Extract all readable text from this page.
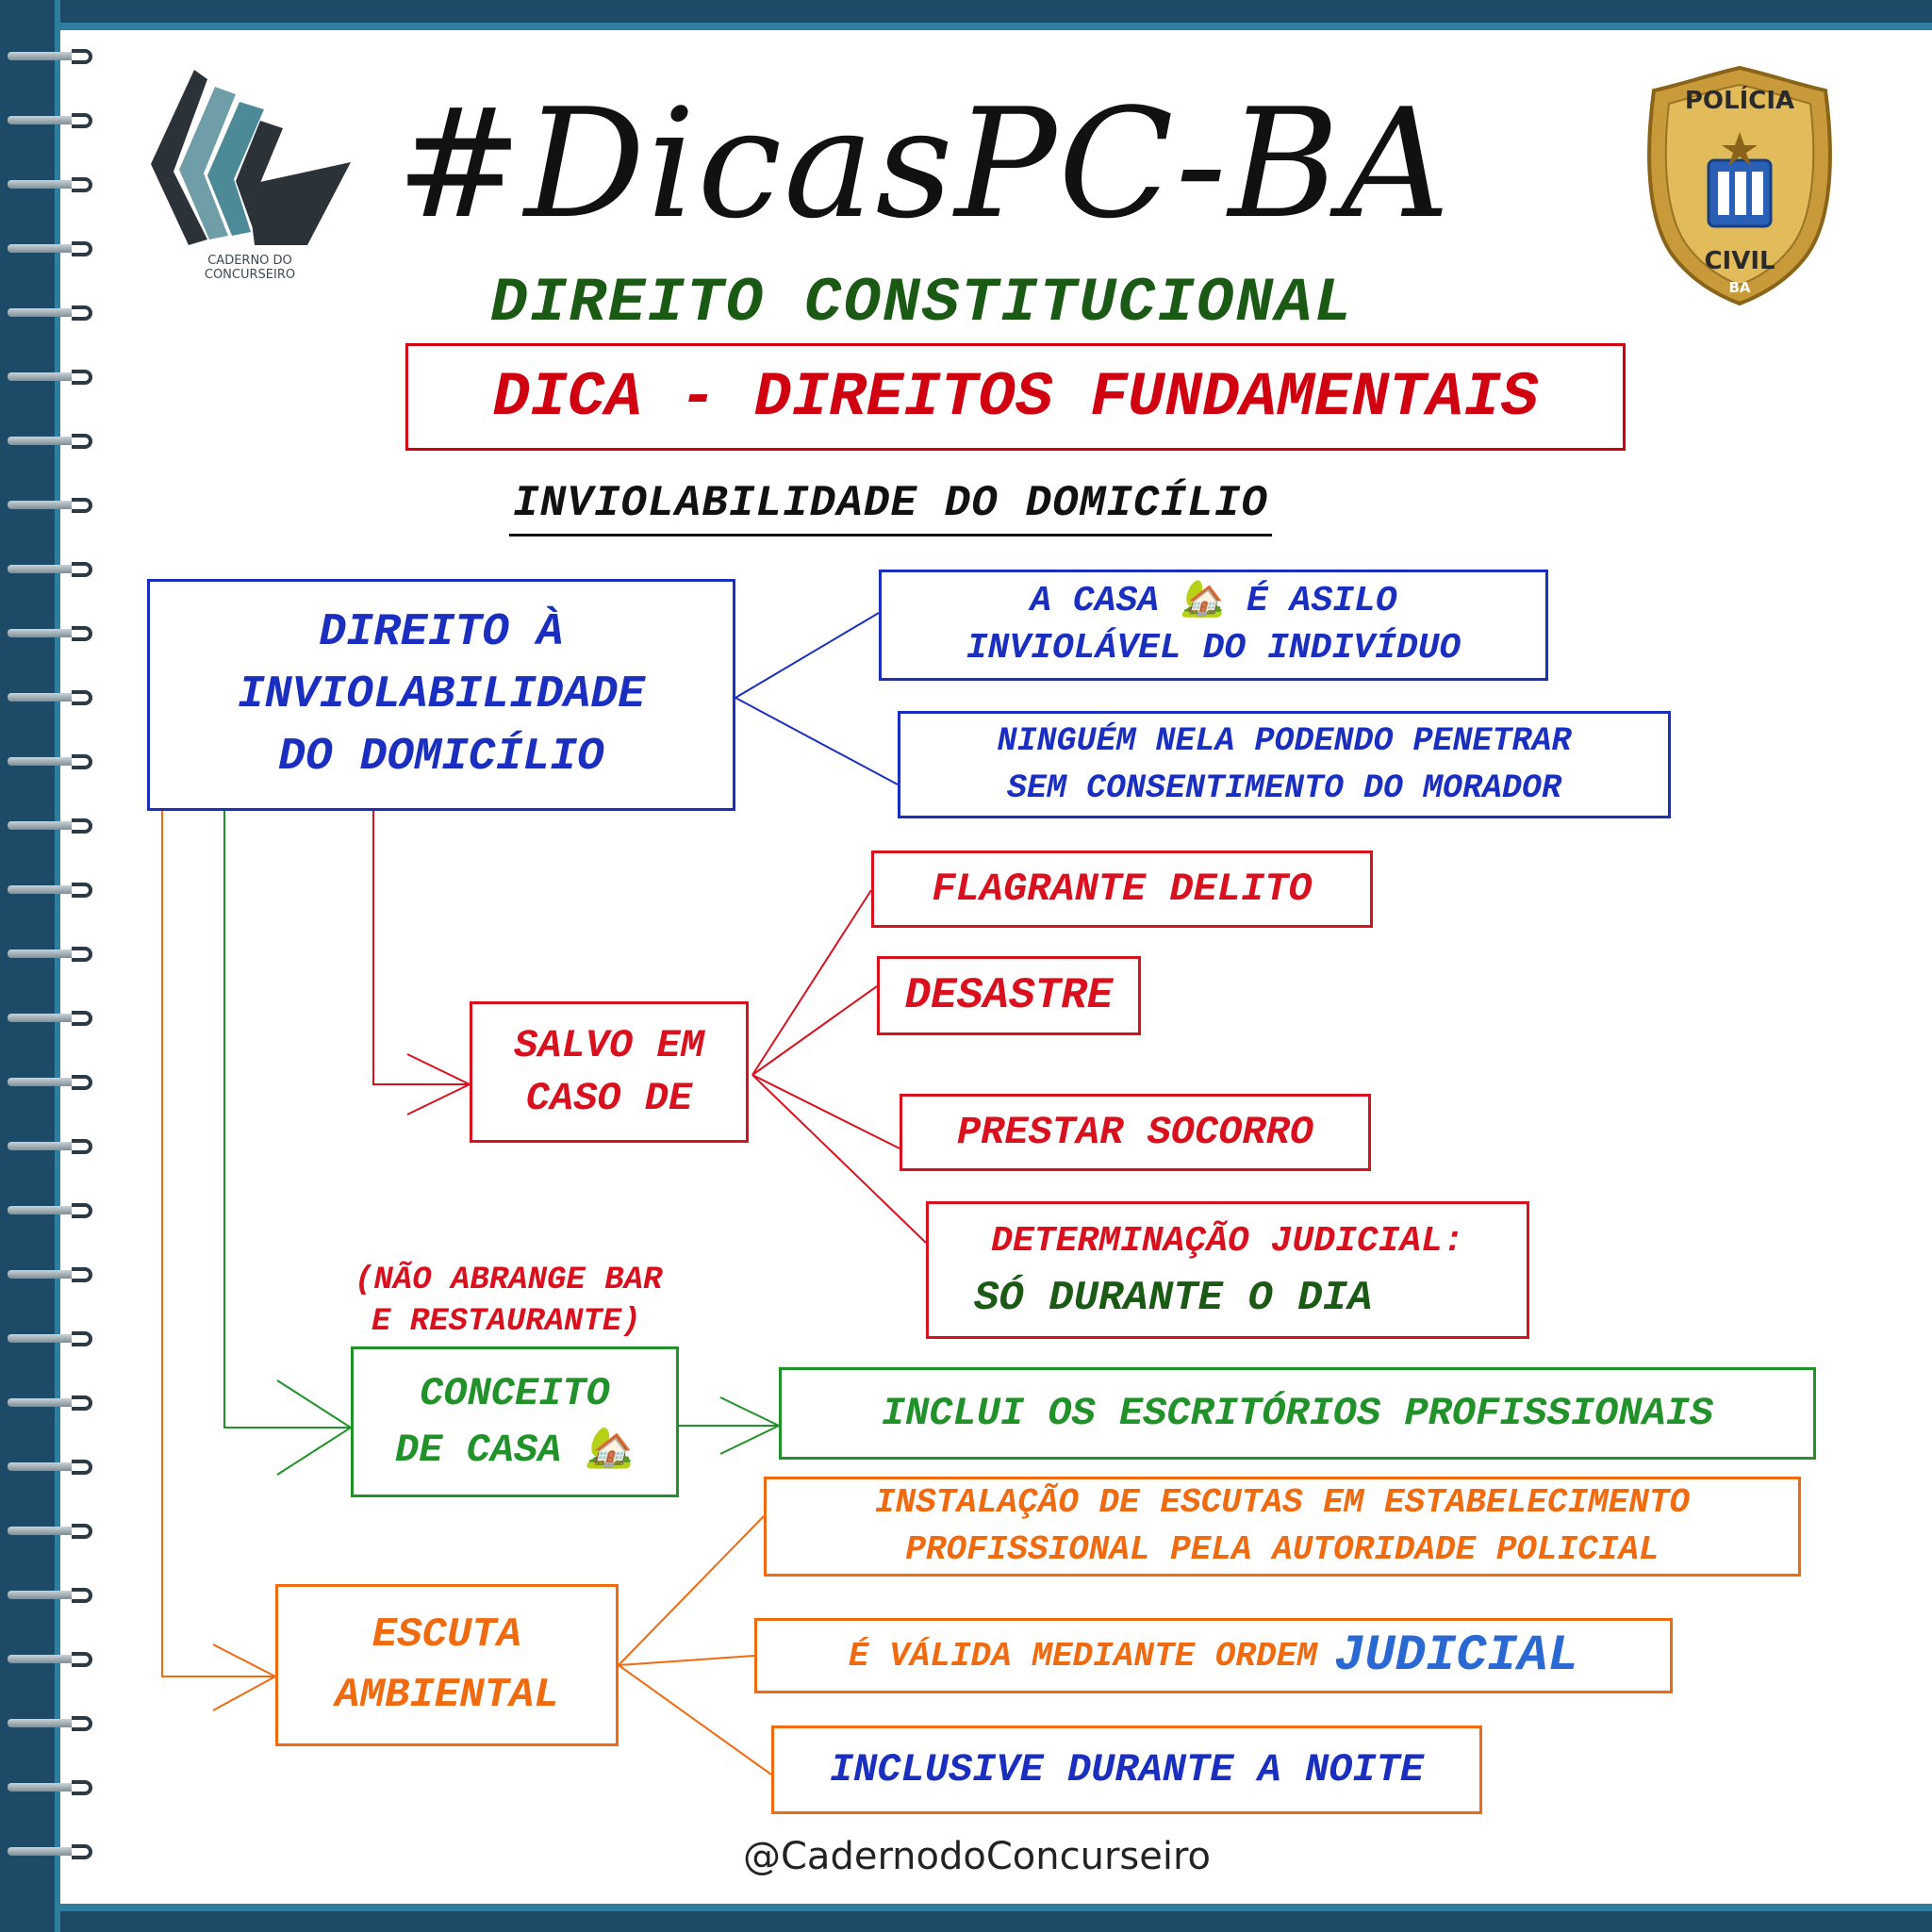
CADERNO DO
CONCURSEIRO
#DicasPC-BA	POLÍCIA
CIVIL
BA
DIREITO CONSTITUCIONAL
DICA - DIREITOS FUNDAMENTAIS
INVIOLABILIDADE DO DOMICÍLIO
DIREITO À
INVIOLABILIDADE
DO DOMICÍLIO
A CASA 🏡 É ASILO
INVIOLÁVEL DO INDIVÍDUO
NINGUÉM NELA PODENDO PENETRAR
SEM CONSENTIMENTO DO MORADOR
SALVO EM
CASO DE
FLAGRANTE DELITO
DESASTRE
PRESTAR SOCORRO
DETERMINAÇÃO JUDICIAL:
SÓ DURANTE O DIA
(NÃO ABRANGE BAR
E RESTAURANTE)
CONCEITO
DE CASA 🏡
INCLUI OS ESCRITÓRIOS PROFISSIONAIS
ESCUTA
AMBIENTAL
INSTALAÇÃO DE ESCUTAS EM ESTABELECIMENTO
PROFISSIONAL PELA AUTORIDADE POLICIAL
É VÁLIDA MEDIANTE ORDEM JUDICIAL
INCLUSIVE DURANTE A NOITE
@CadernodoConcurseiro
